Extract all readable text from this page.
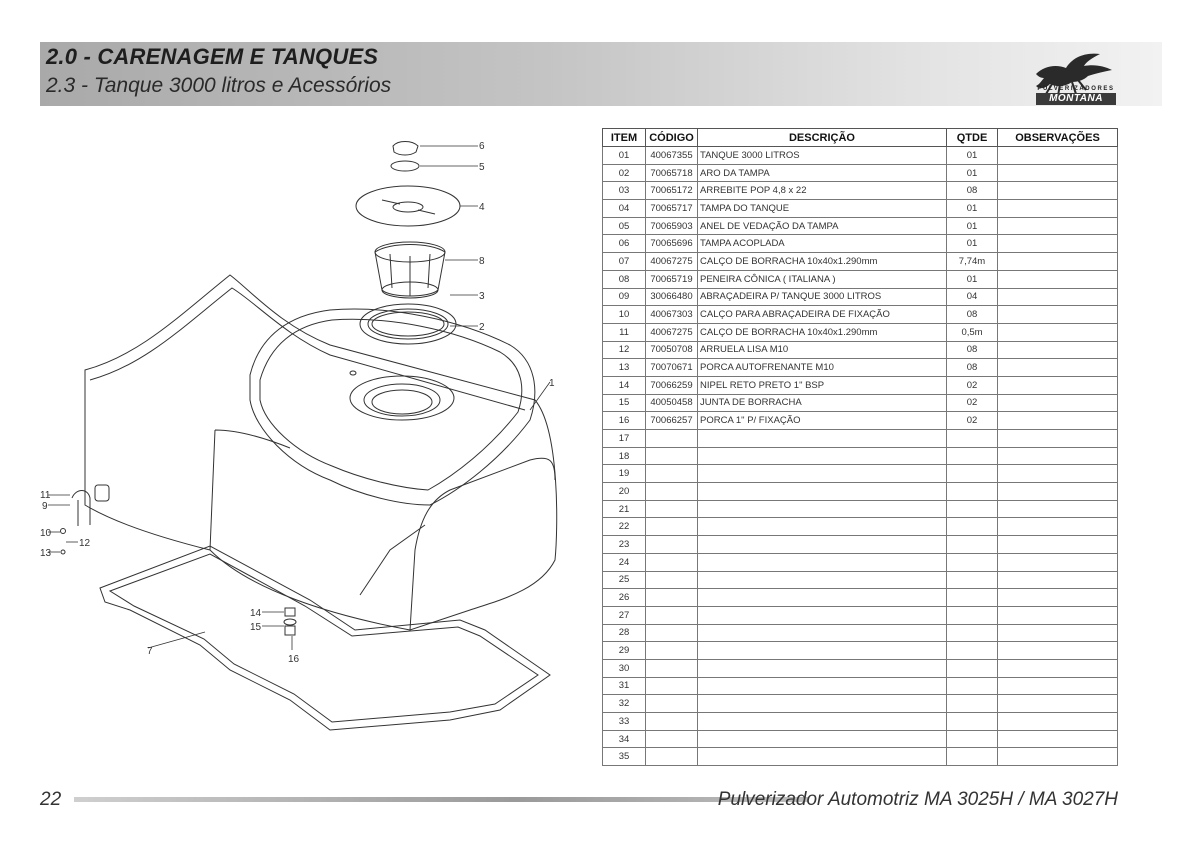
2.0 - CARENAGEM E TANQUES
2.3 - Tanque 3000 litros e Acessórios	PULVERIZADORES
MONTANA
1
2
3
4
5
6
7
8
9
10
11
12
13
14
15
16
ITEM	CÓDIGO	DESCRIÇÃO	QTDE	OBSERVAÇÕES
01	40067355	TANQUE 3000 LITROS	01	
02	70065718	ARO DA TAMPA	01	
03	70065172	ARREBITE POP 4,8 x 22	08	
04	70065717	TAMPA DO TANQUE	01	
05	70065903	ANEL DE VEDAÇÃO DA TAMPA	01	
06	70065696	TAMPA ACOPLADA	01	
07	40067275	CALÇO DE BORRACHA 10x40x1.290mm	7,74m	
08	70065719	PENEIRA CÔNICA ( ITALIANA )	01	
09	30066480	ABRAÇADEIRA P/ TANQUE 3000 LITROS	04	
10	40067303	CALÇO PARA ABRAÇADEIRA DE FIXAÇÃO	08	
11	40067275	CALÇO DE BORRACHA 10x40x1.290mm	0,5m	
12	70050708	ARRUELA LISA M10	08	
13	70070671	PORCA AUTOFRENANTE M10	08	
14	70066259	NIPEL RETO PRETO 1" BSP	02	
15	40050458	JUNTA DE BORRACHA	02	
16	70066257	PORCA 1" P/ FIXAÇÃO	02	
17				
18				
19				
20				
21				
22				
23				
24				
25				
26				
27				
28				
29				
30				
31				
32				
33				
34				
35				
22	Pulverizador Automotriz MA 3025H / MA 3027H
